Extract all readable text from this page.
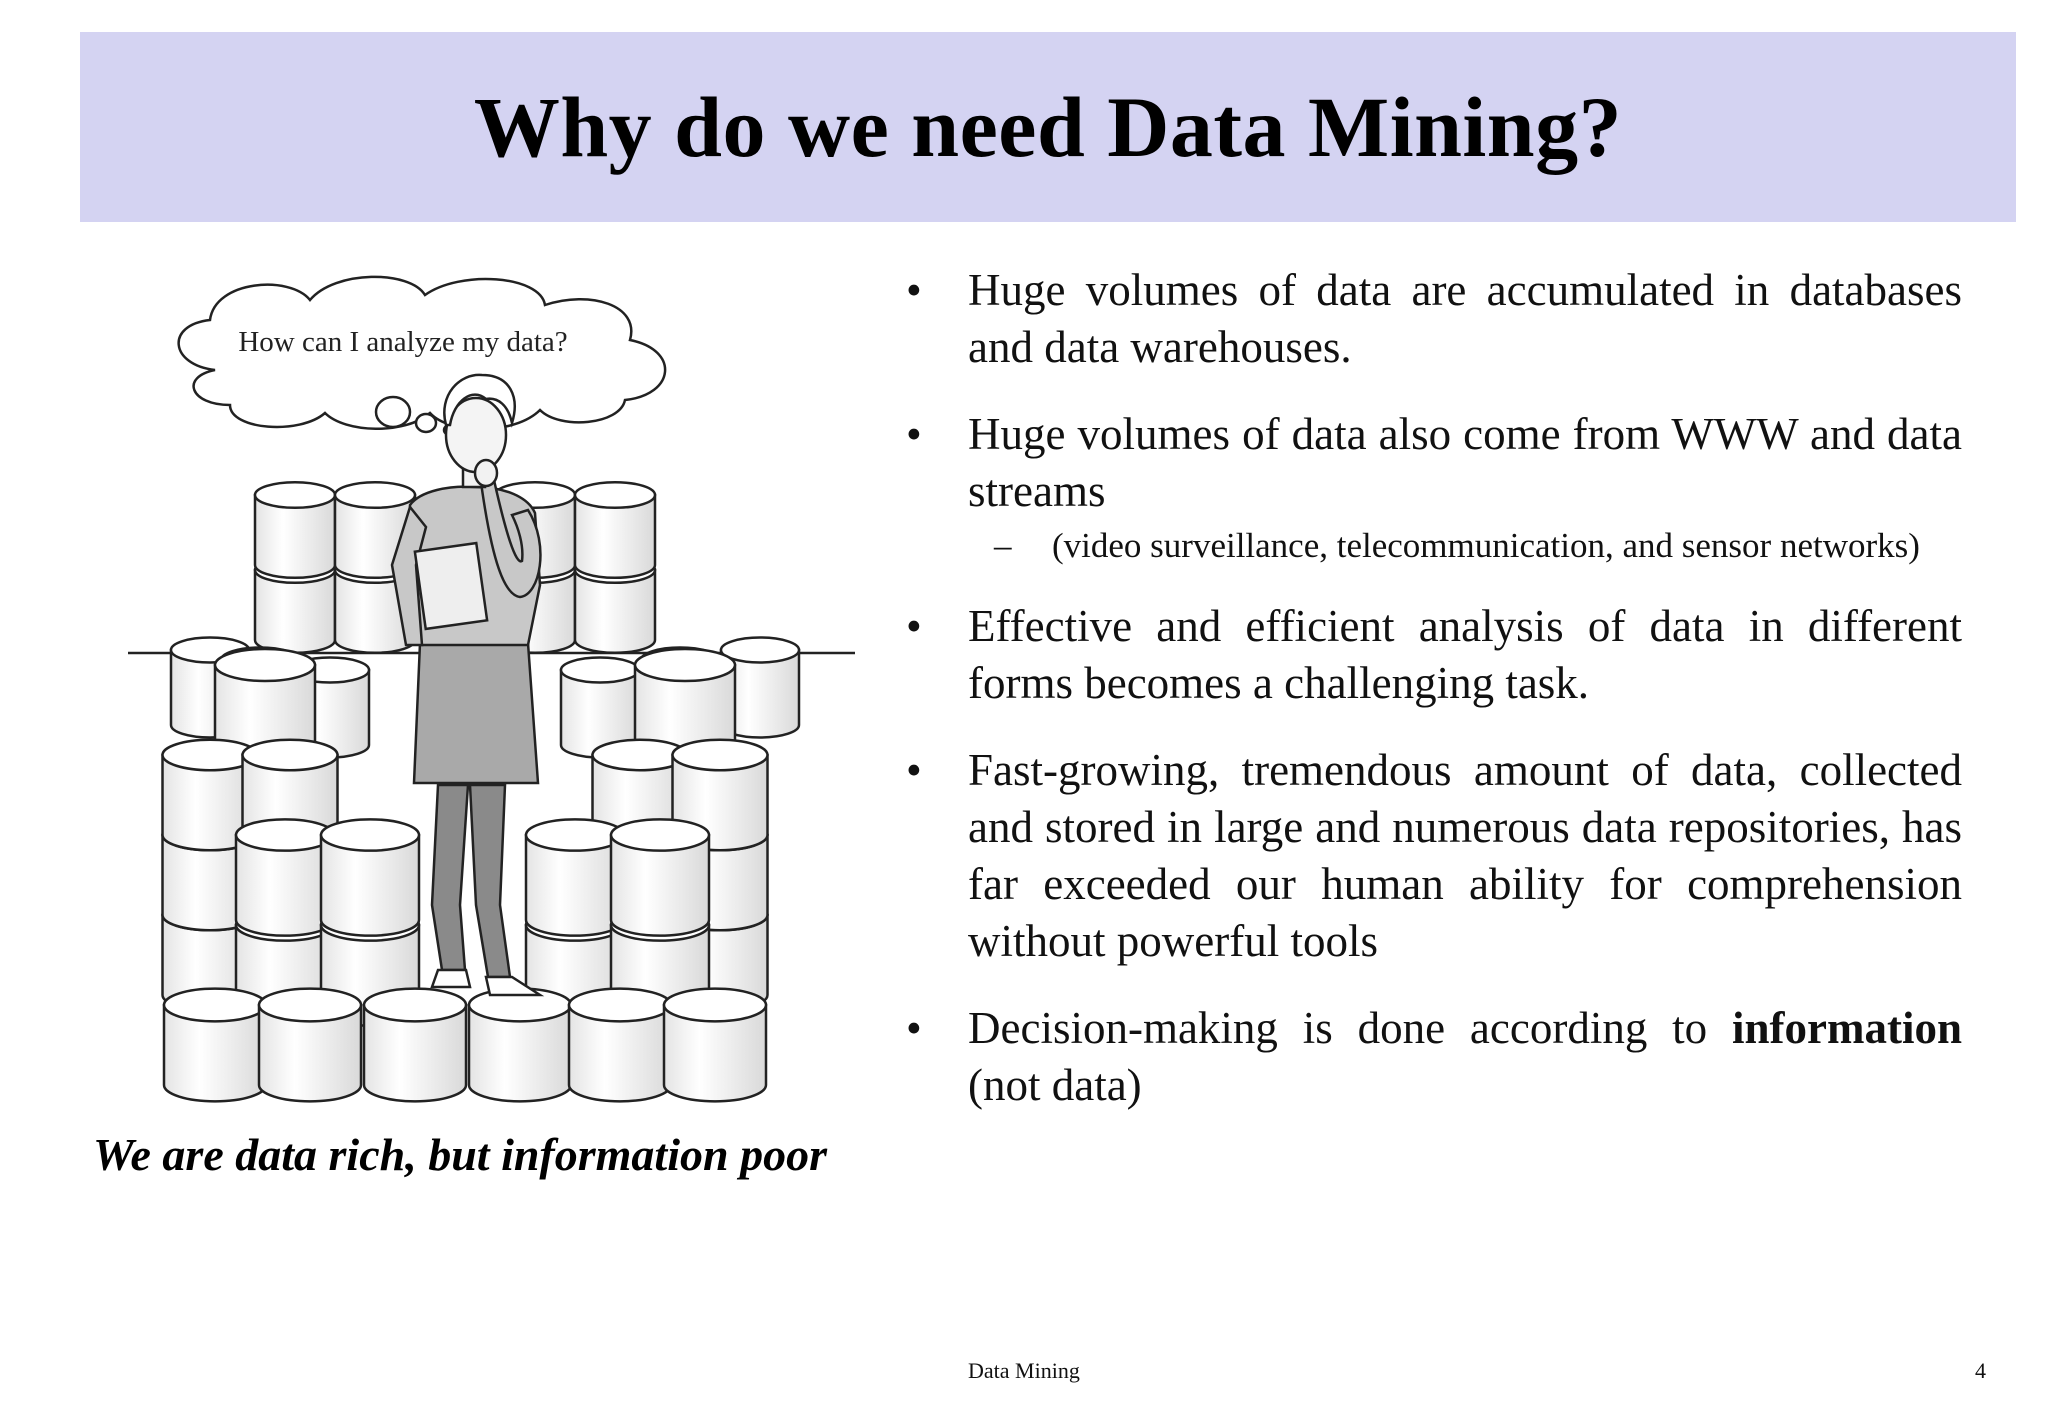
Why do we need Data Mining?
How can I analyze my data?
We are data rich, but information poor
• Huge volumes of data are accumulated in databases and data warehouses.
• Huge volumes of data also come from WWW and data streams
– (video surveillance, telecommunication, and sensor networks)
• Effective and efficient analysis of data in different forms becomes a challenging task.
• Fast-growing, tremendous amount of data, collected and stored in large and numerous data repositories, has far exceeded our human ability for comprehension without powerful tools
• Decision-making is done according to information (not data)
Data Mining	4
